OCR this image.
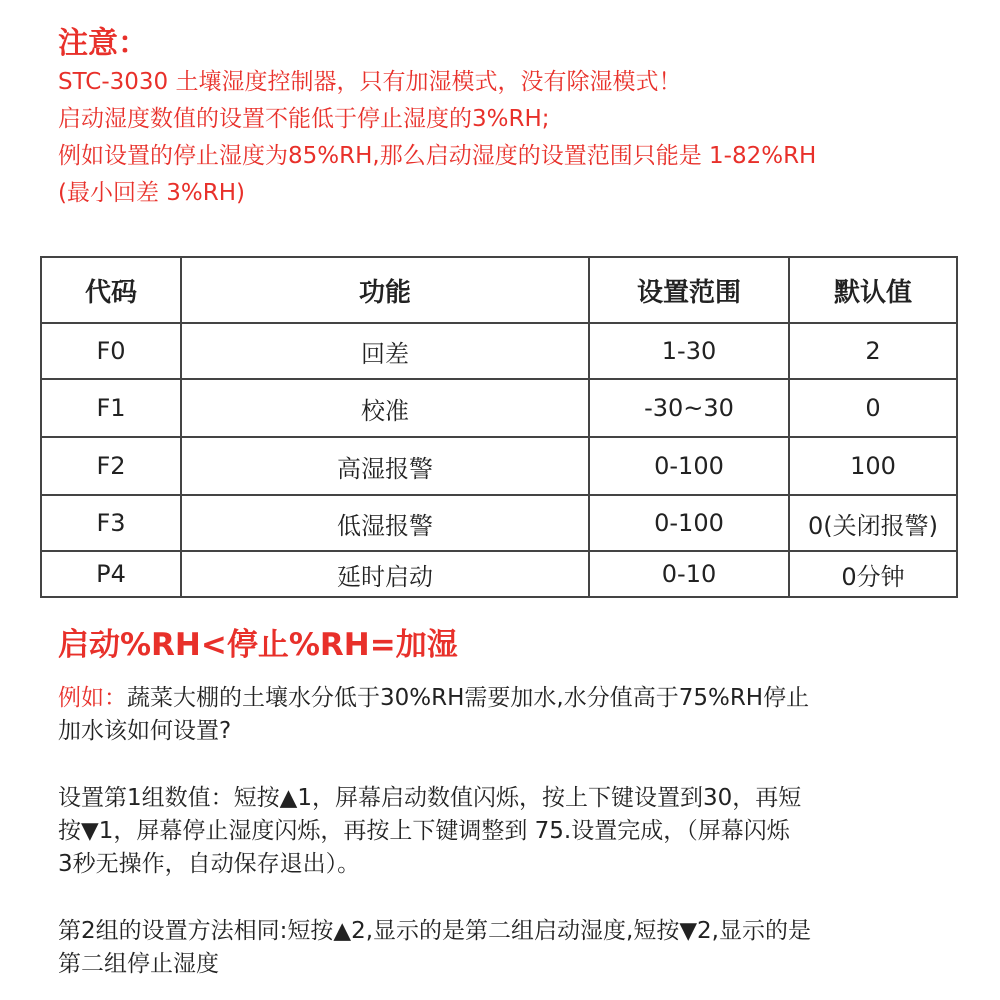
注意：
STC-3030 土壤湿度控制器，只有加湿模式，没有除湿模式！
启动湿度数值的设置不能低于停止湿度的3%RH;
例如设置的停止湿度为85%RH,那么启动湿度的设置范围只能是 1-82%RH
(最小回差 3%RH)
代码	功能	设置范围	默认值
F0	回差	1-30	2
F1	校准	-30~30	0
F2	高湿报警	0-100	100
F3	低湿报警	0-100	0(关闭报警)
P4	延时启动	0-10	0分钟
启动%RH<停止%RH=加湿

例如：蔬菜大棚的土壤水分低于30%RH需要加水,水分值高于75%RH停止

加水该如何设置?

设置第1组数值：短按▲1，屏幕启动数值闪烁，按上下键设置到30，再短

按▼1，屏幕停止湿度闪烁，再按上下键调整到 75.设置完成，（屏幕闪烁

3秒无操作，自动保存退出）。

第2组的设置方法相同:短按▲2,显示的是第二组启动湿度,短按▼2,显示的是

第二组停止湿度
